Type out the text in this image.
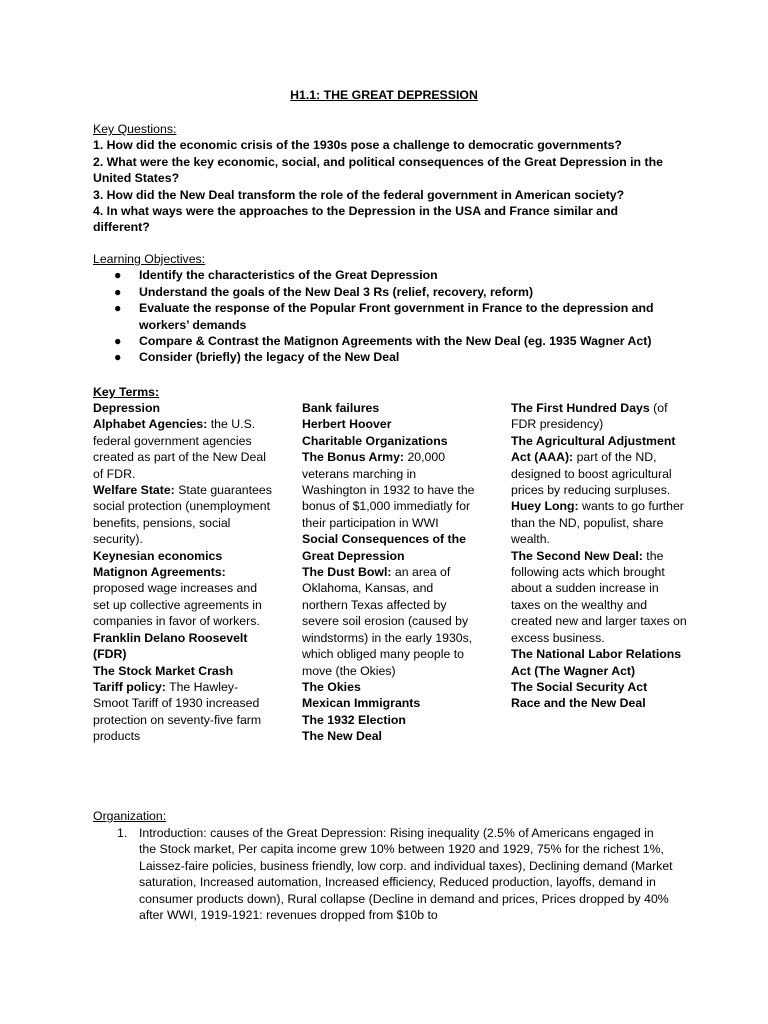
H1.1: THE GREAT DEPRESSION
Key Questions:
1. How did the economic crisis of the 1930s pose a challenge to democratic governments?
2. What were the key economic, social, and political consequences of the Great Depression in the United States?
3. How did the New Deal transform the role of the federal government in American society?
4. In what ways were the approaches to the Depression in the USA and France similar and different?
Learning Objectives:
● Identify the characteristics of the Great Depression
● Understand the goals of the New Deal 3 Rs (relief, recovery, reform)
● Evaluate the response of the Popular Front government in France to the depression and workers’ demands
● Compare & Contrast the Matignon Agreements with the New Deal (eg. 1935 Wagner Act)
● Consider (briefly) the legacy of the New Deal
Key Terms:
Depression
Alphabet Agencies: the U.S. federal government agencies created as part of the New Deal of FDR.
Welfare State: State guarantees social protection (unemployment benefits, pensions, social security).
Keynesian economics
Matignon Agreements: proposed wage increases and set up collective agreements in companies in favor of workers.
Franklin Delano Roosevelt (FDR)
The Stock Market Crash
Tariff policy: The Hawley-Smoot Tariff of 1930 increased protection on seventy-five farm products
Bank failures
Herbert Hoover
Charitable Organizations
The Bonus Army: 20,000 veterans marching in Washington in 1932 to have the bonus of $1,000 immediatly for their participation in WWI
Social Consequences of the Great Depression
The Dust Bowl: an area of Oklahoma, Kansas, and northern Texas affected by severe soil erosion (caused by windstorms) in the early 1930s, which obliged many people to move (the Okies)
The Okies
Mexican Immigrants
The 1932 Election
The New Deal
The First Hundred Days (of FDR presidency)
The Agricultural Adjustment Act (AAA): part of the ND, designed to boost agricultural prices by reducing surpluses.
Huey Long: wants to go further than the ND, populist, share wealth.
The Second New Deal: the following acts which brought about a sudden increase in taxes on the wealthy and created new and larger taxes on excess business.
The National Labor Relations Act (The Wagner Act)
The Social Security Act
Race and the New Deal
Organization:
1. Introduction: causes of the Great Depression: Rising inequality (2.5% of Americans engaged in the Stock market, Per capita income grew 10% between 1920 and 1929, 75% for the richest 1%, Laissez-faire policies, business friendly, low corp. and individual taxes), Declining demand (Market saturation, Increased automation, Increased efficiency, Reduced production, layoffs, demand in consumer products down), Rural collapse (Decline in demand and prices, Prices dropped by 40% after WWI, 1919-1921: revenues dropped from $10b to
